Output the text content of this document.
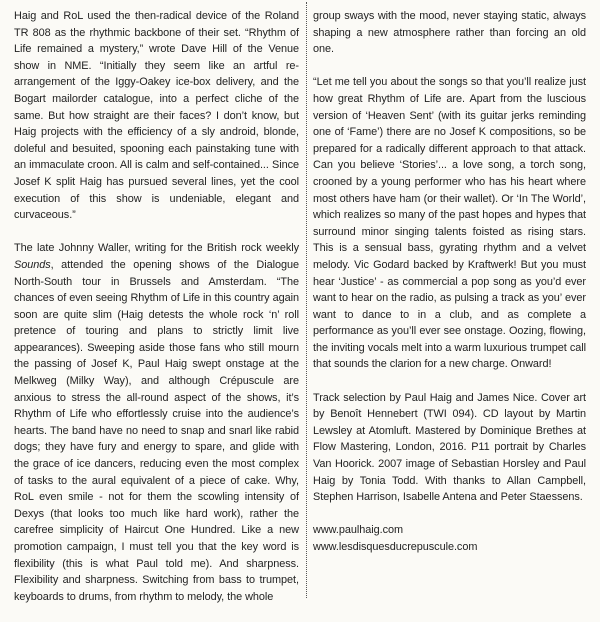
Haig and RoL used the then-radical device of the Roland TR 808 as the rhythmic backbone of their set. “Rhythm of Life remained a mystery,” wrote Dave Hill of the Venue show in NME. “Initially they seem like an artful re-arrangement of the Iggy-Oakey ice-box delivery, and the Bogart mailorder catalogue, into a perfect cliche of the same. But how straight are their faces? I don’t know, but Haig projects with the efficiency of a sly android, blonde, doleful and besuited, spooning each painstaking tune with an immaculate croon. All is calm and self-contained... Since Josef K split Haig has pursued several lines, yet the cool execution of this show is undeniable, elegant and curvaceous.”

The late Johnny Waller, writing for the British rock weekly Sounds, attended the opening shows of the Dialogue North-South tour in Brussels and Amsterdam. “The chances of even seeing Rhythm of Life in this country again soon are quite slim (Haig detests the whole rock ‘n’ roll pretence of touring and plans to strictly limit live appearances). Sweeping aside those fans who still mourn the passing of Josef K, Paul Haig swept onstage at the Melkweg (Milky Way), and although Crépuscule are anxious to stress the all-round aspect of the shows, it’s Rhythm of Life who effortlessly cruise into the audience’s hearts. The band have no need to snap and snarl like rabid dogs; they have fury and energy to spare, and glide with the grace of ice dancers, reducing even the most complex of tasks to the aural equivalent of a piece of cake. Why, RoL even smile - not for them the scowling intensity of Dexys (that looks too much like hard work), rather the carefree simplicity of Haircut One Hundred. Like a new promotion campaign, I must tell you that the key word is flexibility (this is what Paul told me). And sharpness. Flexibility and sharpness. Switching from bass to trumpet, keyboards to drums, from rhythm to melody, the whole

group sways with the mood, never staying static, always shaping a new atmosphere rather than forcing an old one.

“Let me tell you about the songs so that you’ll realize just how great Rhythm of Life are. Apart from the luscious version of ‘Heaven Sent’ (with its guitar jerks reminding one of ‘Fame’) there are no Josef K compositions, so be prepared for a radically different approach to that attack. Can you believe ‘Stories’... a love song, a torch song, crooned by a young performer who has his heart where most others have ham (or their wallet). Or ‘In The World’, which realizes so many of the past hopes and hypes that surround minor singing talents foisted as rising stars. This is a sensual bass, gyrating rhythm and a velvet melody. Vic Godard backed by Kraftwerk! But you must hear ‘Justice’ - as commercial a pop song as you’d ever want to hear on the radio, as pulsing a track as you’ ever want to dance to in a club, and as complete a performance as you’ll ever see onstage. Oozing, flowing, the inviting vocals melt into a warm luxurious trumpet call that sounds the clarion for a new charge. Onward!

Track selection by Paul Haig and James Nice. Cover art by Benoît Hennebert (TWI 094). CD layout by Martin Lewsley at Atomluft. Mastered by Dominique Brethes at Flow Mastering, London, 2016. P11 portrait by Charles Van Hoorick. 2007 image of Sebastian Horsley and Paul Haig by Tonia Todd. With thanks to Allan Campbell, Stephen Harrison, Isabelle Antena and Peter Staessens.

www.paulhaig.com

www.lesdisquesducrepuscule.com
